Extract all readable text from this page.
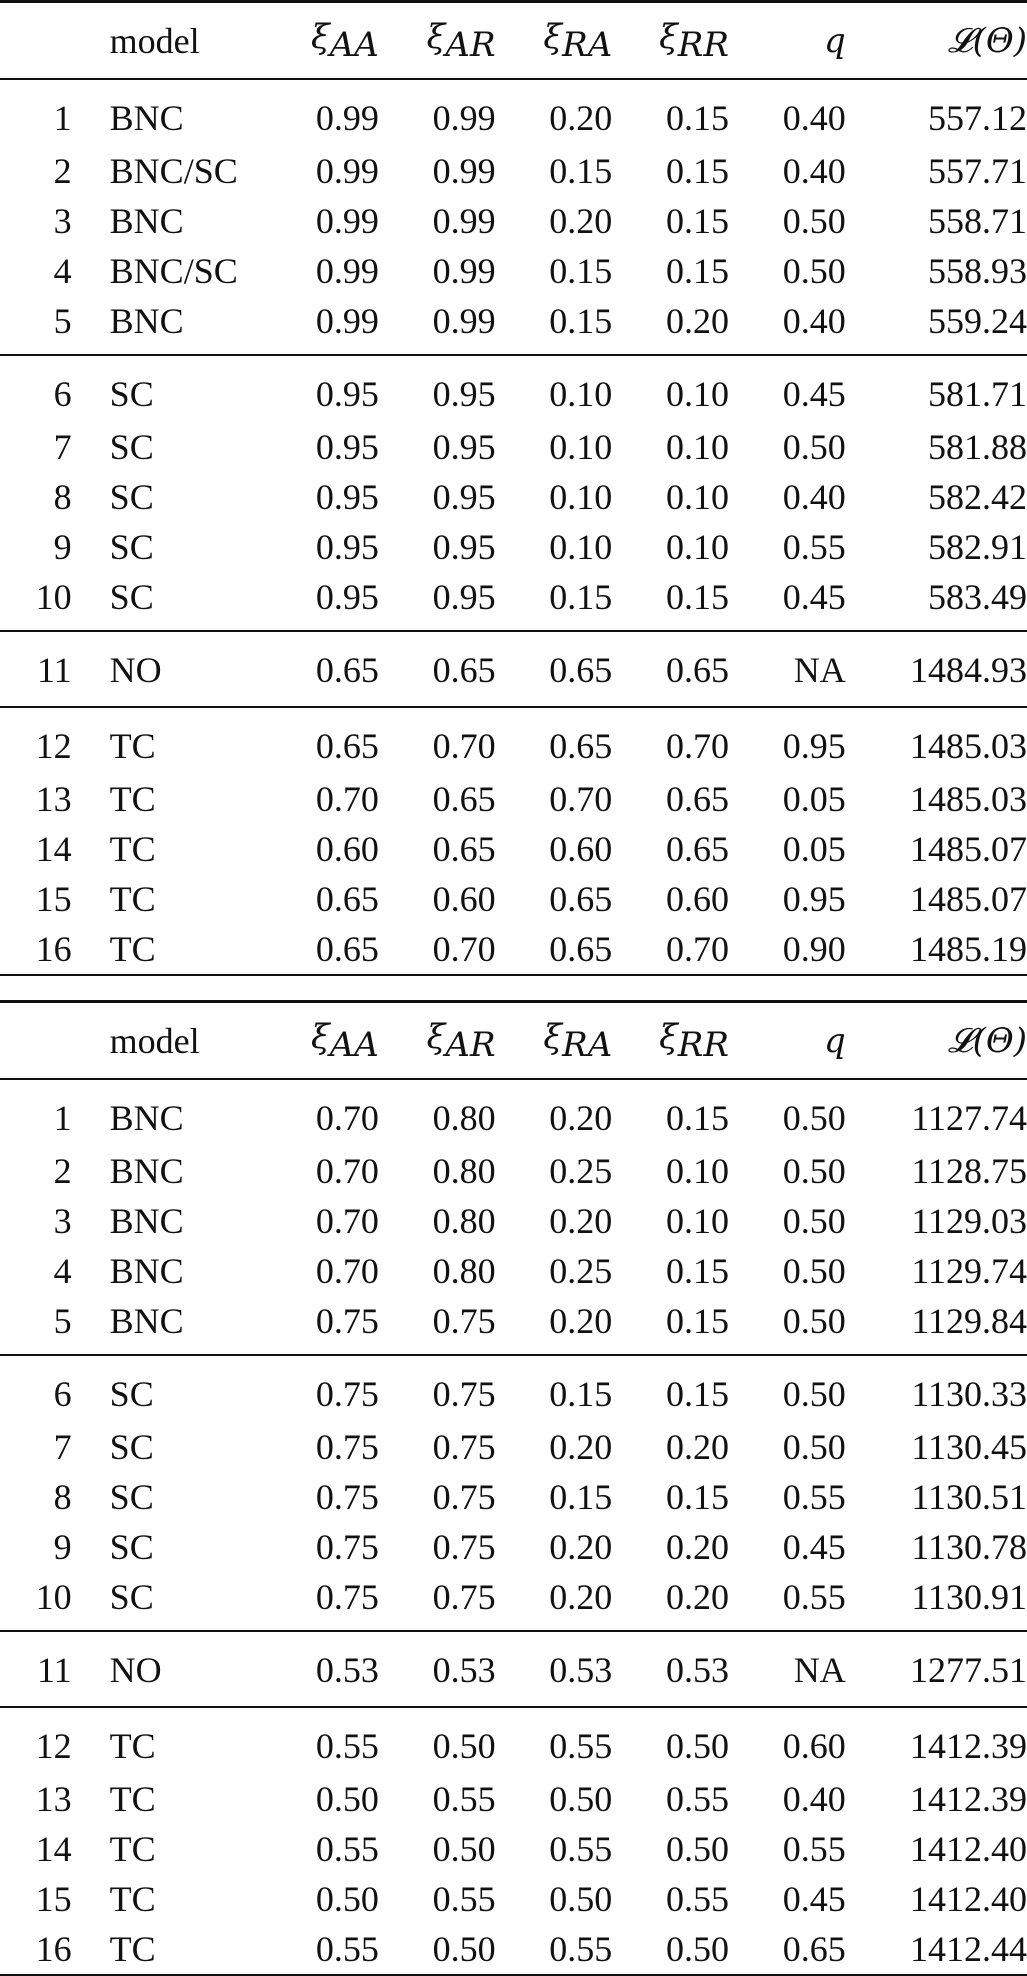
	model	$\xi_{AA}$	$\xi_{AR}$	$\xi_{RA}$	$\xi_{RR}$	q	𝓛(Θ)
1	BNC	0.99	0.99	0.20	0.15	0.40	557.12
2	BNC/SC	0.99	0.99	0.15	0.15	0.40	557.71
3	BNC	0.99	0.99	0.20	0.15	0.50	558.71
4	BNC/SC	0.99	0.99	0.15	0.15	0.50	558.93
5	BNC	0.99	0.99	0.15	0.20	0.40	559.24
6	SC	0.95	0.95	0.10	0.10	0.45	581.71
7	SC	0.95	0.95	0.10	0.10	0.50	581.88
8	SC	0.95	0.95	0.10	0.10	0.40	582.42
9	SC	0.95	0.95	0.10	0.10	0.55	582.91
10	SC	0.95	0.95	0.15	0.15	0.45	583.49
11	NO	0.65	0.65	0.65	0.65	NA	1484.93
12	TC	0.65	0.70	0.65	0.70	0.95	1485.03
13	TC	0.70	0.65	0.70	0.65	0.05	1485.03
14	TC	0.60	0.65	0.60	0.65	0.05	1485.07
15	TC	0.65	0.60	0.65	0.60	0.95	1485.07
16	TC	0.65	0.70	0.65	0.70	0.90	1485.19
	model	$\xi_{AA}$	$\xi_{AR}$	$\xi_{RA}$	$\xi_{RR}$	q	𝓛(Θ)
1	BNC	0.70	0.80	0.20	0.15	0.50	1127.74
2	BNC	0.70	0.80	0.25	0.10	0.50	1128.75
3	BNC	0.70	0.80	0.20	0.10	0.50	1129.03
4	BNC	0.70	0.80	0.25	0.15	0.50	1129.74
5	BNC	0.75	0.75	0.20	0.15	0.50	1129.84
6	SC	0.75	0.75	0.15	0.15	0.50	1130.33
7	SC	0.75	0.75	0.20	0.20	0.50	1130.45
8	SC	0.75	0.75	0.15	0.15	0.55	1130.51
9	SC	0.75	0.75	0.20	0.20	0.45	1130.78
10	SC	0.75	0.75	0.20	0.20	0.55	1130.91
11	NO	0.53	0.53	0.53	0.53	NA	1277.51
12	TC	0.55	0.50	0.55	0.50	0.60	1412.39
13	TC	0.50	0.55	0.50	0.55	0.40	1412.39
14	TC	0.55	0.50	0.55	0.50	0.55	1412.40
15	TC	0.50	0.55	0.50	0.55	0.45	1412.40
16	TC	0.55	0.50	0.55	0.50	0.65	1412.44
